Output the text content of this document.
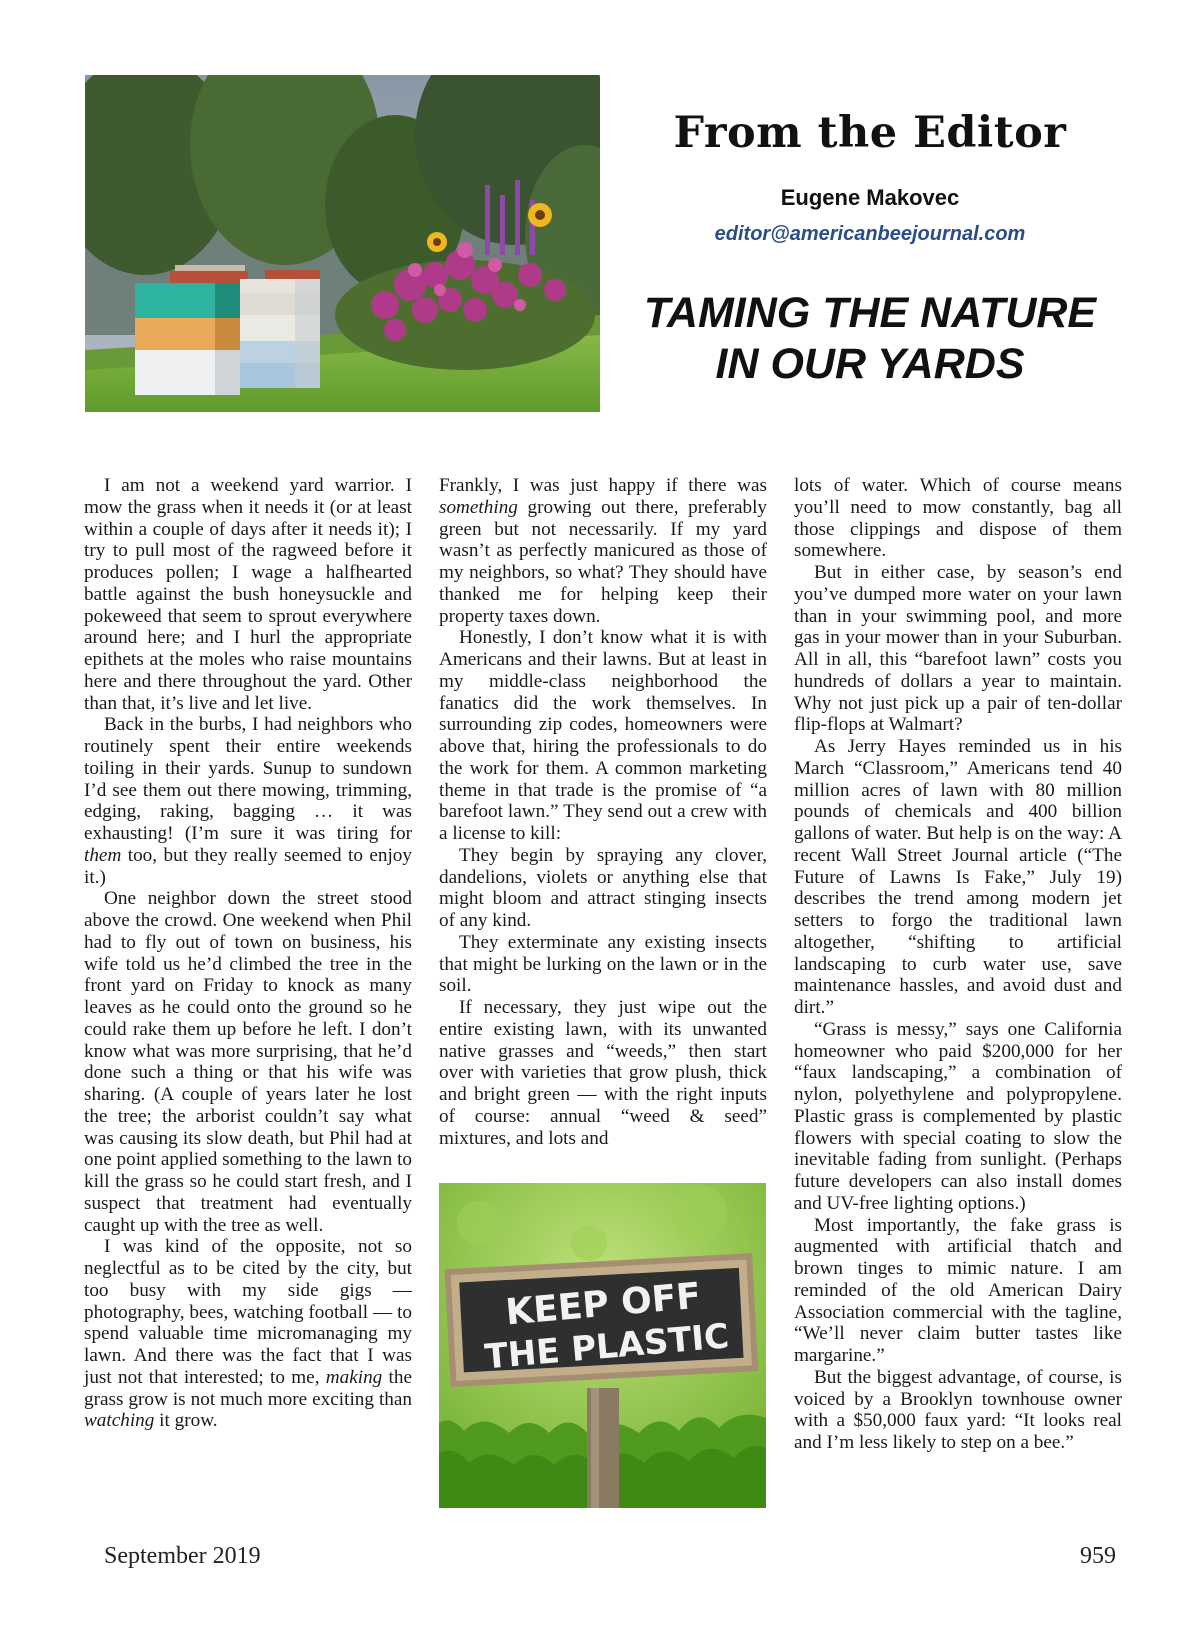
From the Editor
Eugene Makovec
editor@americanbeejournal.com
TAMING THE NATURE
IN OUR YARDS

I am not a weekend yard warrior. I mow the grass when it needs it (or at least within a couple of days after it needs it); I try to pull most of the ragweed before it produces pollen; I wage a halfhearted battle against the bush honeysuckle and pokeweed that seem to sprout everywhere around here; and I hurl the appropriate epithets at the moles who raise mountains here and there throughout the yard. Other than that, it’s live and let live.

Back in the burbs, I had neighbors who routinely spent their entire weekends toiling in their yards. Sunup to sundown I’d see them out there mowing, trimming, edging, raking, bagging … it was exhausting! (I’m sure it was tiring for them too, but they really seemed to enjoy it.)

One neighbor down the street stood above the crowd. One weekend when Phil had to fly out of town on business, his wife told us he’d climbed the tree in the front yard on Friday to knock as many leaves as he could onto the ground so he could rake them up before he left. I don’t know what was more surprising, that he’d done such a thing or that his wife was sharing. (A couple of years later he lost the tree; the arborist couldn’t say what was causing its slow death, but Phil had at one point applied something to the lawn to kill the grass so he could start fresh, and I suspect that treatment had eventually caught up with the tree as well.

I was kind of the opposite, not so neglectful as to be cited by the city, but too busy with my side gigs — photography, bees, watching football — to spend valuable time micromanaging my lawn. And there was the fact that I was just not that interested; to me, making the grass grow is not much more exciting than watching it grow.

Frankly, I was just happy if there was something growing out there, preferably green but not necessarily. If my yard wasn’t as perfectly manicured as those of my neighbors, so what? They should have thanked me for helping keep their property taxes down.

Honestly, I don’t know what it is with Americans and their lawns. But at least in my middle-class neighborhood the fanatics did the work themselves. In surrounding zip codes, homeowners were above that, hiring the professionals to do the work for them. A common marketing theme in that trade is the promise of “a barefoot lawn.” They send out a crew with a license to kill:

They begin by spraying any clover, dandelions, violets or anything else that might bloom and attract stinging insects of any kind.

They exterminate any existing insects that might be lurking on the lawn or in the soil.

If necessary, they just wipe out the entire existing lawn, with its unwanted native grasses and “weeds,” then start over with varieties that grow plush, thick and bright green — with the right inputs of course: annual “weed & seed” mixtures, and lots and

KEEP OFF
THE PLASTIC

lots of water. Which of course means you’ll need to mow constantly, bag all those clippings and dispose of them somewhere.

But in either case, by season’s end you’ve dumped more water on your lawn than in your swimming pool, and more gas in your mower than in your Suburban. All in all, this “barefoot lawn” costs you hundreds of dollars a year to maintain. Why not just pick up a pair of ten-dollar flip-flops at Walmart?

As Jerry Hayes reminded us in his March “Classroom,” Americans tend 40 million acres of lawn with 80 million pounds of chemicals and 400 billion gallons of water. But help is on the way: A recent Wall Street Journal article (“The Future of Lawns Is Fake,” July 19) describes the trend among modern jet setters to forgo the traditional lawn altogether, “shifting to artificial landscaping to curb water use, save maintenance hassles, and avoid dust and dirt.”

“Grass is messy,” says one California homeowner who paid $200,000 for her “faux landscaping,” a combination of nylon, polyethylene and polypropylene. Plastic grass is complemented by plastic flowers with special coating to slow the inevitable fading from sunlight. (Perhaps future developers can also install domes and UV-free lighting options.)

Most importantly, the fake grass is augmented with artificial thatch and brown tinges to mimic nature. I am reminded of the old American Dairy Association commercial with the tagline, “We’ll never claim butter tastes like margarine.”

But the biggest advantage, of course, is voiced by a Brooklyn townhouse owner with a $50,000 faux yard: “It looks real and I’m less likely to step on a bee.”

September 2019	959
